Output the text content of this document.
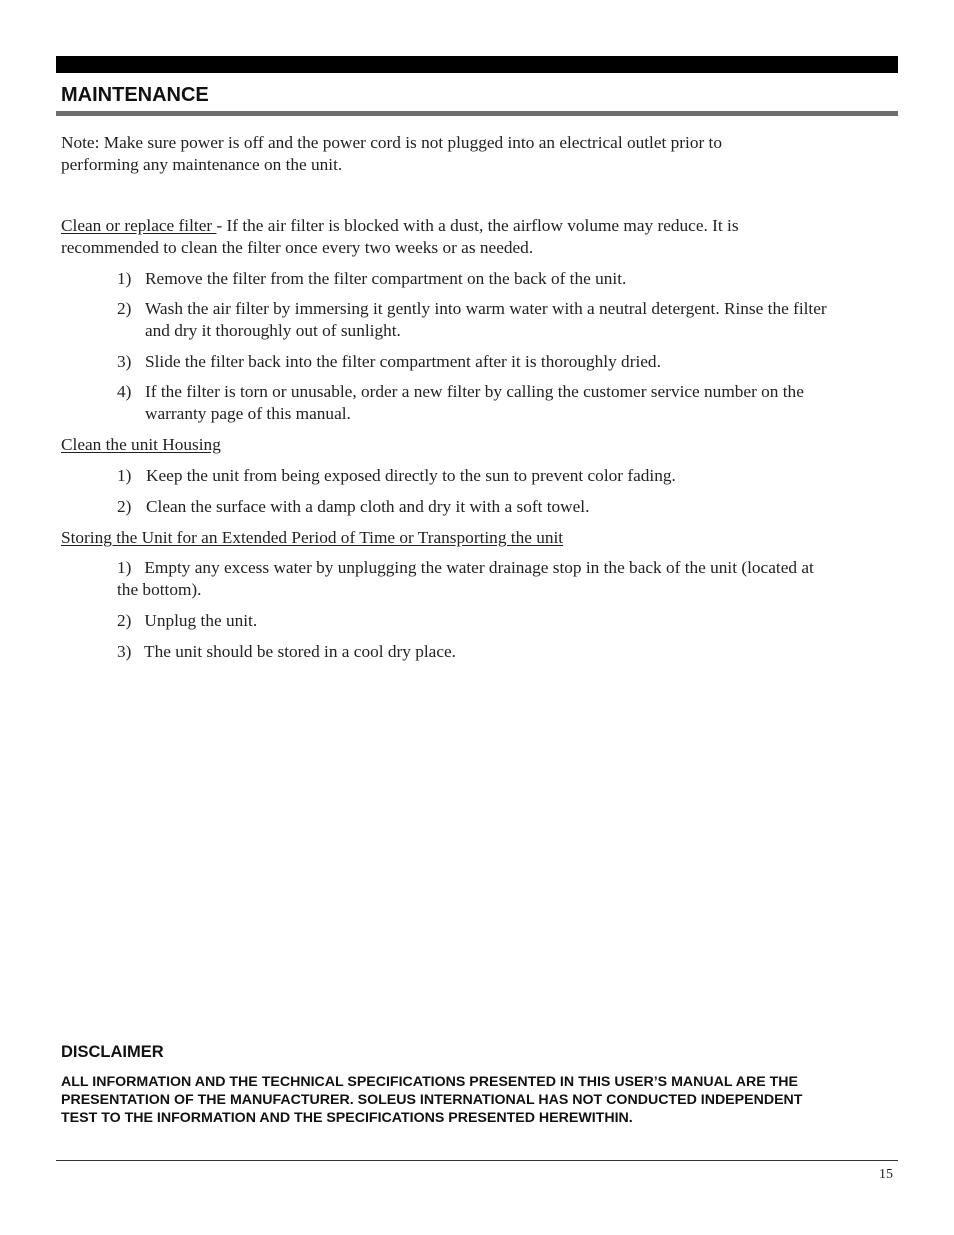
MAINTENANCE

Note: Make sure power is off and the power cord is not plugged into an electrical outlet prior to

performing any maintenance on the unit.

Clean or replace filter - If the air filter is blocked with a dust, the airflow volume may reduce. It is

recommended to clean the filter once every two weeks or as needed.

1) Remove the filter from the filter compartment on the back of the unit.

2) Wash the air filter by immersing it gently into warm water with a neutral detergent. Rinse the filter

and dry it thoroughly out of sunlight.

3) Slide the filter back into the filter compartment after it is thoroughly dried.

4) If the filter is torn or unusable, order a new filter by calling the customer service number on the

warranty page of this manual.

Clean the unit Housing

1) Keep the unit from being exposed directly to the sun to prevent color fading.

2) Clean the surface with a damp cloth and dry it with a soft towel.

Storing the Unit for an Extended Period of Time or Transporting the unit

1)   Empty any excess water by unplugging the water drainage stop in the back of the unit (located at

the bottom).

2)   Unplug the unit.

3)   The unit should be stored in a cool dry place.

DISCLAIMER
ALL INFORMATION AND THE TECHNICAL SPECIFICATIONS PRESENTED IN THIS USER’S MANUAL ARE THE
PRESENTATION OF THE MANUFACTURER. SOLEUS INTERNATIONAL HAS NOT CONDUCTED INDEPENDENT
TEST TO THE INFORMATION AND THE SPECIFICATIONS PRESENTED HEREWITHIN.
15
